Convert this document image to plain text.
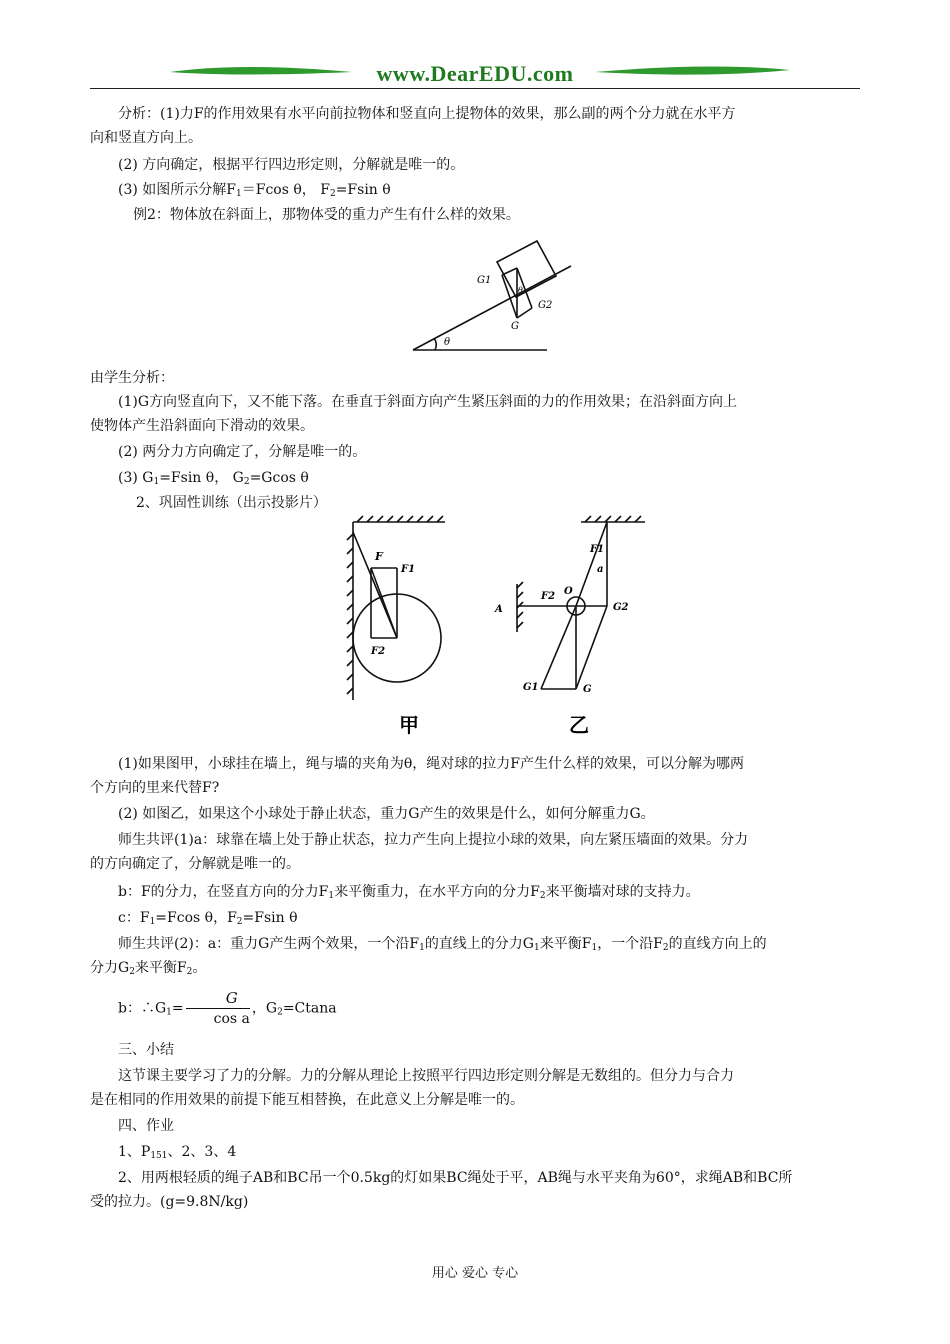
www.DearEDU.com
分析：(1)力F的作用效果有水平向前拉物体和竖直向上提物体的效果，那么副的两个分力就在水平方
向和竖直方向上。
(2) 方向确定，根据平行四边形定则，分解就是唯一的。
(3) 如图所示分解$F_1=Fcos$ θ， $F_2=Fsin$ θ
例2：物体放在斜面上，那物体受的重力产生有什么样的效果。
G1
G2
G
θ
θ
由学生分析：
(1)G方向竖直向下，又不能下落。在垂直于斜面方向产生紧压斜面的力的作用效果；在沿斜面方向上
使物体产生沿斜面向下滑动的效果。
(2) 两分力方向确定了，分解是唯一的。
(3) $G_1=Fsin$ θ， $G_2=Gcos$ θ
2、巩固性训练（出示投影片）
F
F1
F2
F1
a
O
F2
G2
A
G1	G
甲	乙
(1)如果图甲，小球挂在墙上，绳与墙的夹角为θ，绳对球的拉力F产生什么样的效果，可以分解为哪两
个方向的里来代替F?
(2) 如图乙，如果这个小球处于静止状态，重力G产生的效果是什么，如何分解重力G。
师生共评(1)a：球靠在墙上处于静止状态，拉力产生向上提拉小球的效果，向左紧压墙面的效果。分力
的方向确定了，分解就是唯一的。
b：F的分力，在竖直方向的分力$F_1$来平衡重力，在水平方向的分力$F_2$来平衡墙对球的支持力。
c：$F_1=Fcos$ θ，$F_2=Fsin$ θ
师生共评(2)：a：重力G产生两个效果，一个沿$F_1$的直线上的分力$G_1$来平衡$F_1$，一个沿$F_2$的直线方向上的
分力$G_2$来平衡$F_2$。
b：$\therefore G_1= \frac{G}{\text{cos a}}$ ，$G_2=Ctana$
三、小结
这节课主要学习了力的分解。力的分解从理论上按照平行四边形定则分解是无数组的。但分力与合力
是在相同的作用效果的前提下能互相替换，在此意义上分解是唯一的。
四、作业
1、$P_{151}$、2、3、4
2、用两根轻质的绳子AB和BC吊一个0.5kg的灯如果BC绳处于平，AB绳与水平夹角为60°，求绳AB和BC所
受的拉力。(g=9.8N/kg)
用心 爱心 专心
